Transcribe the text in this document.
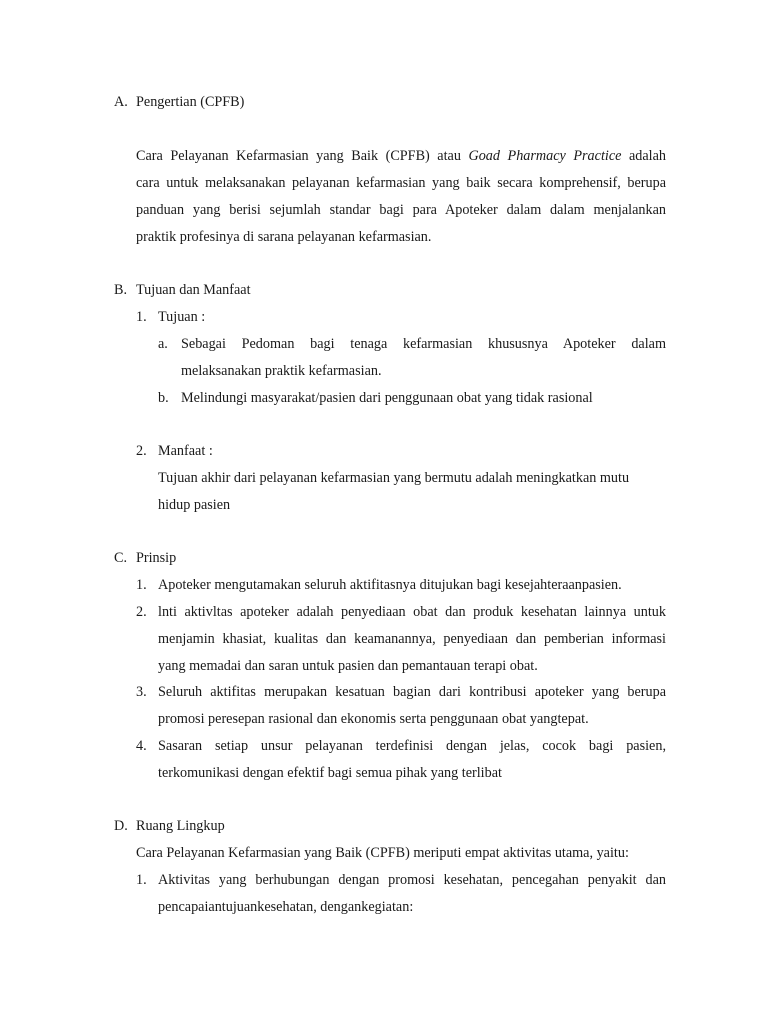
A. Pengertian (CPFB)
Cara Pelayanan Kefarmasian yang Baik (CPFB) atau Goad Pharmacy Practice adalah
cara untuk melaksanakan pelayanan kefarmasian yang baik secara komprehensif, berupa
panduan yang berisi sejumlah standar bagi para Apoteker dalam dalam menjalankan
praktik profesinya di sarana pelayanan kefarmasian.
B. Tujuan dan Manfaat
1. Tujuan :
a. Sebagai Pedoman bagi tenaga kefarmasian khususnya Apoteker dalam
melaksanakan praktik kefarmasian.
b. Melindungi masyarakat/pasien dari penggunaan obat yang tidak rasional
2. Manfaat :
Tujuan akhir dari pelayanan kefarmasian yang bermutu adalah meningkatkan mutu
hidup pasien
C. Prinsip
1. Apoteker mengutamakan seluruh aktifitasnya ditujukan bagi kesejahteraanpasien.
2. lnti aktivltas apoteker adalah penyediaan obat dan produk kesehatan lainnya untuk
menjamin khasiat, kualitas dan keamanannya, penyediaan dan pemberian informasi
yang memadai dan saran untuk pasien dan pemantauan terapi obat.
3. Seluruh aktifitas merupakan kesatuan bagian dari kontribusi apoteker yang berupa
promosi peresepan rasional dan ekonomis serta penggunaan obat yangtepat.
4. Sasaran setiap unsur pelayanan terdefinisi dengan jelas, cocok bagi pasien,
terkomunikasi dengan efektif bagi semua pihak yang terlibat
D. Ruang Lingkup
Cara Pelayanan Kefarmasian yang Baik (CPFB) meriputi empat aktivitas utama, yaitu:
1. Aktivitas yang berhubungan dengan promosi kesehatan, pencegahan penyakit dan
pencapaiantujuankesehatan, dengankegiatan:
